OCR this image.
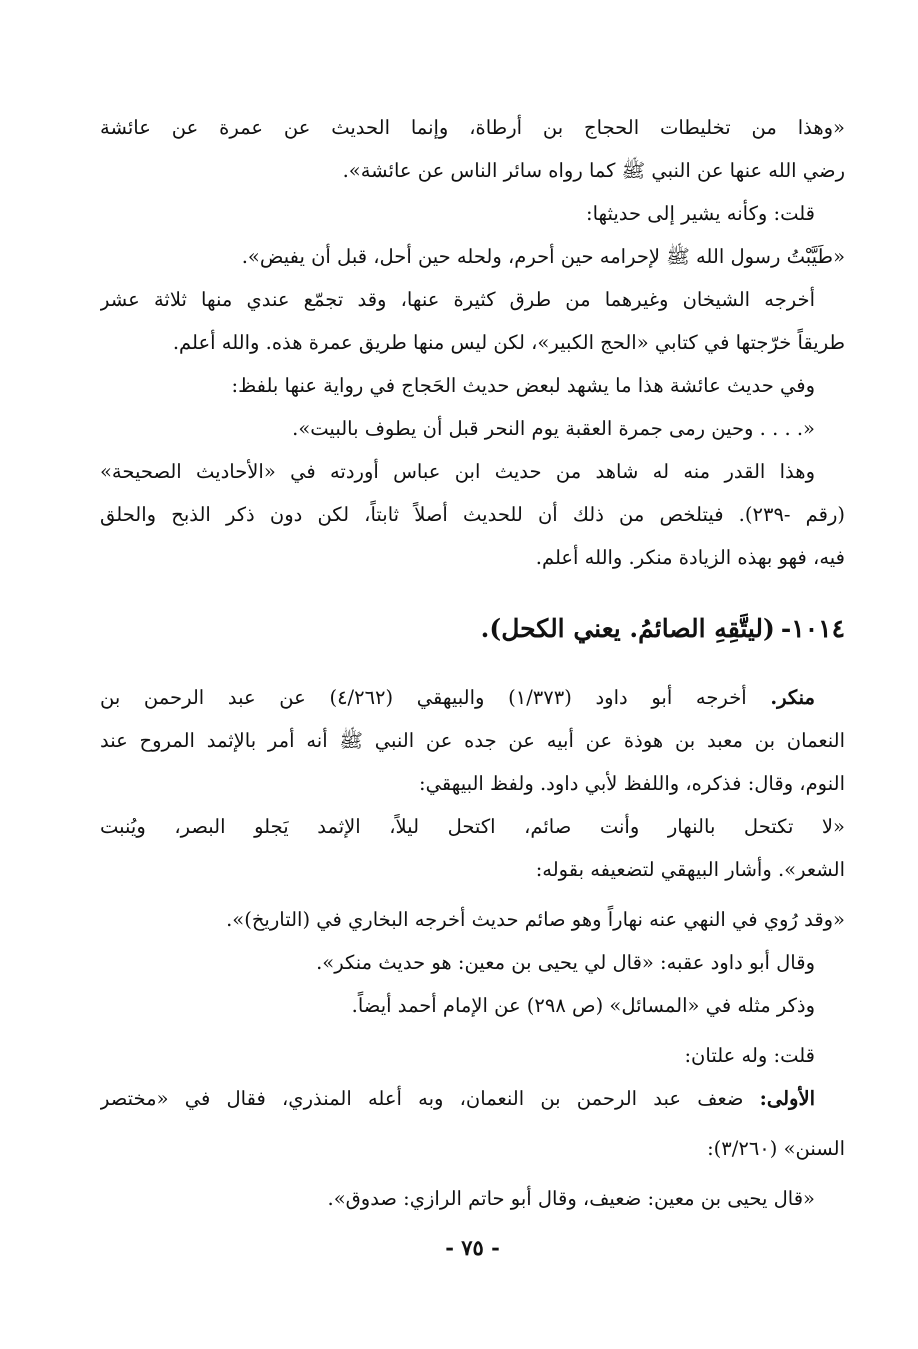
«وهذا من تخليطات الحجاج بن أرطاة، وإنما الحديث عن عمرة عن عائشة
رضي الله عنها عن النبي ﷺ كما رواه سائر الناس عن عائشة».
قلت: وكأنه يشير إلى حديثها:
«طَيَّبْتُ رسول الله ﷺ لإحرامه حين أحرم، ولحله حين أحل، قبل أن يفيض».
أخرجه الشيخان وغيرهما من طرق كثيرة عنها، وقد تجمّع عندي منها ثلاثة عشر
طريقاً خرّجتها في كتابي «الحج الكبير»، لكن ليس منها طريق عمرة هذه. والله أعلم.
وفي حديث عائشة هذا ما يشهد لبعض حديث الحَجاج في رواية عنها بلفظ:
«. . . . وحين رمى جمرة العقبة يوم النحر قبل أن يطوف بالبيت».
وهذا القدر منه له شاهد من حديث ابن عباس أوردته في «الأحاديث الصحيحة»
(رقم -٢٣٩). فيتلخص من ذلك أن للحديث أصلاً ثابتاً، لكن دون ذكر الذبح والحلق
فيه، فهو بهذه الزيادة منكر. والله أعلم.
١٠١٤-(ليتَّقِهِ الصائمُ. يعني الكحل).
منكر. أخرجه أبو داود (١/٣٧٣) والبيهقي (٤/٢٦٢) عن عبد الرحمن بن
النعمان بن معبد بن هوذة عن أبيه عن جده عن النبي ﷺ أنه أمر بالإثمد المروح عند
النوم، وقال: فذكره، واللفظ لأبي داود. ولفظ البيهقي:
«لا تكتحل بالنهار وأنت صائم، اكتحل ليلاً، الإثمد يَجلو البصر، ويُنبت
الشعر». وأشار البيهقي لتضعيفه بقوله:
«وقد رُوي في النهي عنه نهاراً وهو صائم حديث أخرجه البخاري في (التاريخ)».
وقال أبو داود عقبه: «قال لي يحيى بن معين: هو حديث منكر».
وذكر مثله في «المسائل» (ص ٢٩٨) عن الإمام أحمد أيضاً.
قلت: وله علتان:
الأولى: ضعف عبد الرحمن بن النعمان، وبه أعله المنذري، فقال في «مختصر
السنن» (٣/٢٦٠):
«قال يحيى بن معين: ضعيف، وقال أبو حاتم الرازي: صدوق».
- ٧٥ -
